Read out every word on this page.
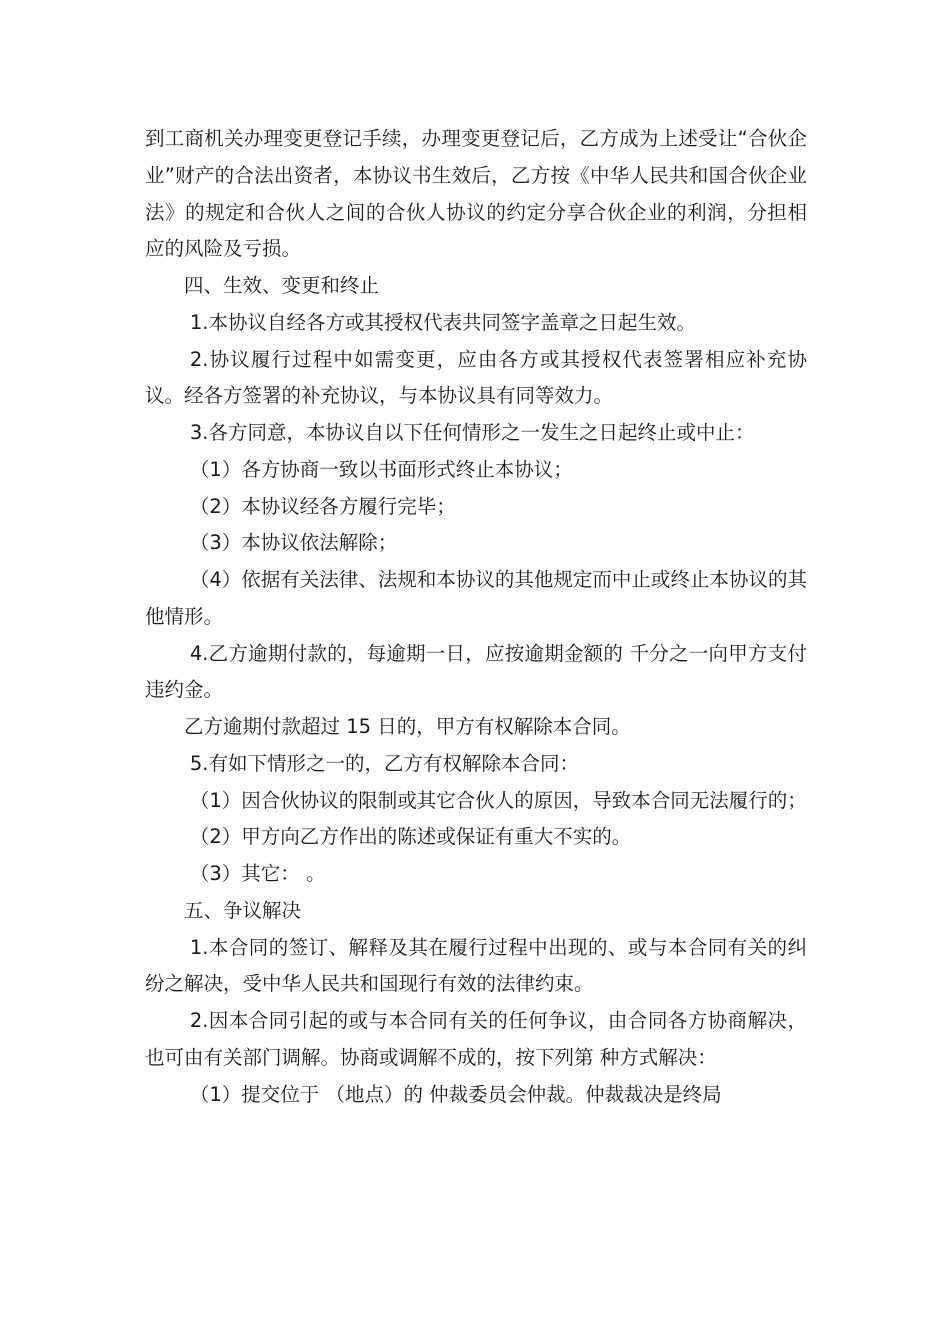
到工商机关办理变更登记手续，办理变更登记后，乙方成为上述受让“合伙企业”财产的合法出资者，本协议书生效后，乙方按《中华人民共和国合伙企业法》的规定和合伙人之间的合伙人协议的约定分享合伙企业的利润，分担相应的风险及亏损。

四、生效、变更和终止

1.本协议自经各方或其授权代表共同签字盖章之日起生效。

2.协议履行过程中如需变更，应由各方或其授权代表签署相应补充协议。经各方签署的补充协议，与本协议具有同等效力。

3.各方同意，本协议自以下任何情形之一发生之日起终止或中止：

（1）各方协商一致以书面形式终止本协议；

（2）本协议经各方履行完毕；

（3）本协议依法解除；

（4）依据有关法律、法规和本协议的其他规定而中止或终止本协议的其他情形。

4.乙方逾期付款的，每逾期一日，应按逾期金额的 千分之一向甲方支付违约金。

乙方逾期付款超过 15 日的，甲方有权解除本合同。

5.有如下情形之一的，乙方有权解除本合同：

（1）因合伙协议的限制或其它合伙人的原因，导致本合同无法履行的；

（2）甲方向乙方作出的陈述或保证有重大不实的。

（3）其它： 。

五、争议解决

1.本合同的签订、解释及其在履行过程中出现的、或与本合同有关的纠纷之解决，受中华人民共和国现行有效的法律约束。

2.因本合同引起的或与本合同有关的任何争议，由合同各方协商解决，也可由有关部门调解。协商或调解不成的，按下列第 种方式解决：

（1）提交位于 （地点）的 仲裁委员会仲裁。仲裁裁决是终局
